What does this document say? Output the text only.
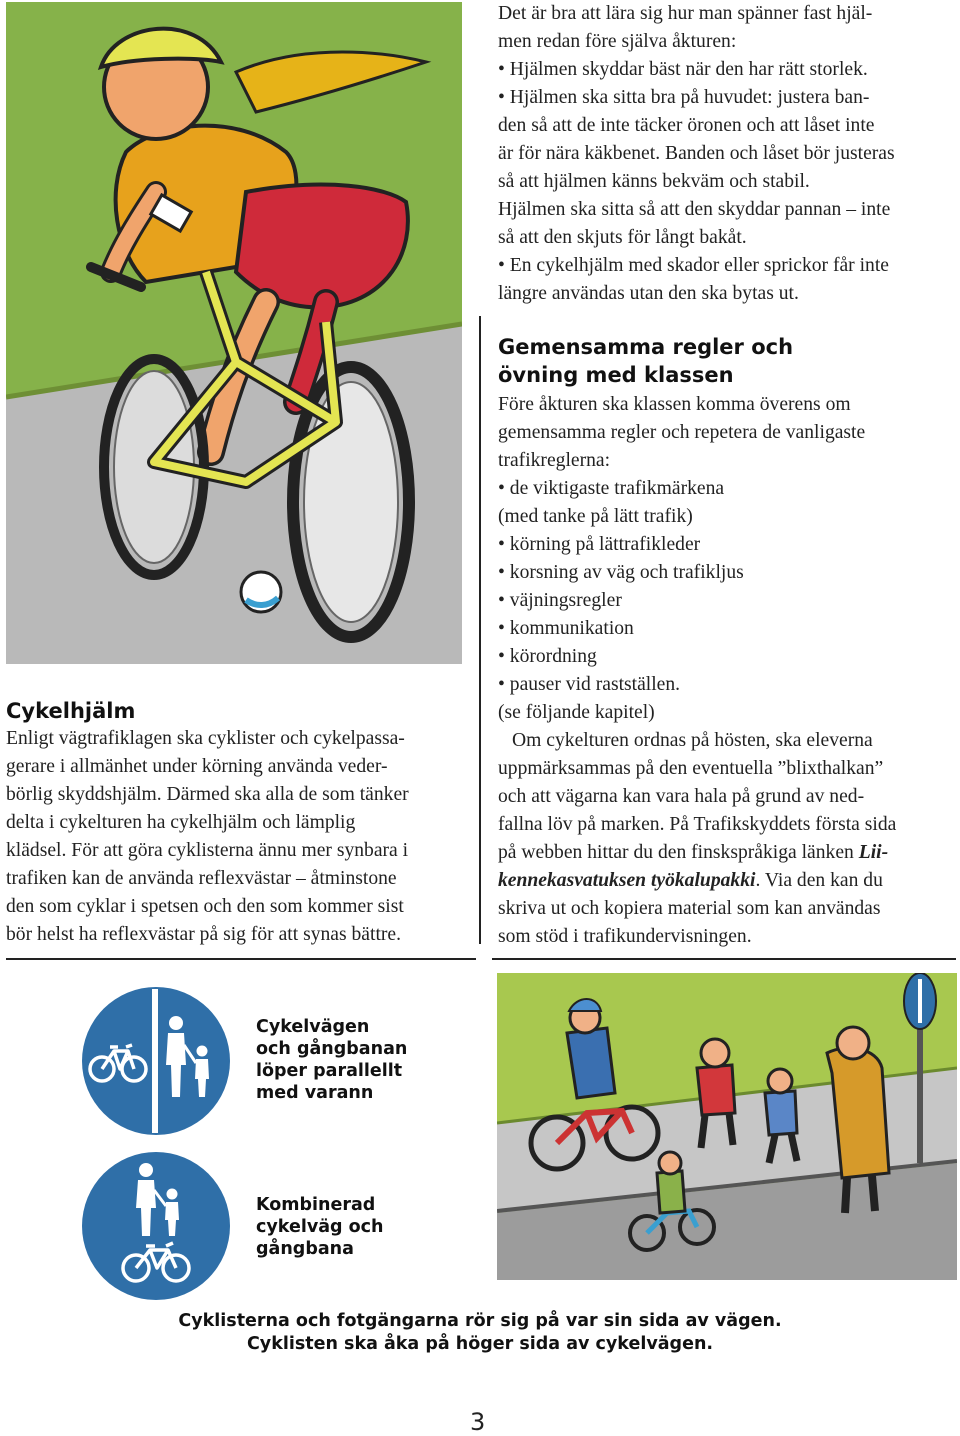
Det är bra att lära sig hur man spänner fast hjäl-

men redan före själva åkturen:

• Hjälmen skyddar bäst när den har rätt storlek.

• Hjälmen ska sitta bra på huvudet: justera ban-

den så att de inte täcker öronen och att låset inte

är för nära käkbenet. Banden och låset bör justeras

så att hjälmen känns bekväm och stabil.

Hjälmen ska sitta så att den skyddar pannan – inte

så att den skjuts för långt bakåt.

• En cykelhjälm med skador eller sprickor får inte

längre användas utan den ska bytas ut.

Gemensamma regler och

övning med klassen

Före åkturen ska klassen komma överens om

gemensamma regler och repetera de vanligaste

trafikreglerna:

• de viktigaste trafikmärkena

(med tanke på lätt trafik)

• körning på lättrafikleder

• korsning av väg och trafikljus

• väjningsregler

• kommunikation

• körordning

• pauser vid rastställen.

(se följande kapitel)

Om cykelturen ordnas på hösten, ska eleverna

uppmärksammas på den eventuella ”blixthalkan”

och att vägarna kan vara hala på grund av ned-

fallna löv på marken. På Trafikskyddets första sida

på webben hittar du den finskspråkiga länken Lii-

kennekasvatuksen työkalupakki. Via den kan du

skriva ut och kopiera material som kan användas

som stöd i trafikundervisningen.

Cykelhjälm

Enligt vägtrafiklagen ska cyklister och cykelpassa-

gerare i allmänhet under körning använda veder-

börlig skyddshjälm. Därmed ska alla de som tänker

delta i cykelturen ha cykelhjälm och lämplig

klädsel. För att göra cyklisterna ännu mer synbara i

trafiken kan de använda reflexvästar – åtminstone

den som cyklar i spetsen och den som kommer sist

bör helst ha reflexvästar på sig för att synas bättre.

Cykelvägen
och gångbanan
löper parallellt
med varann
Kombinerad
cykelväg och
gångbana
Cyklisterna och fotgängarna rör sig på var sin sida av vägen.
Cyklisten ska åka på höger sida av cykelvägen.
3
